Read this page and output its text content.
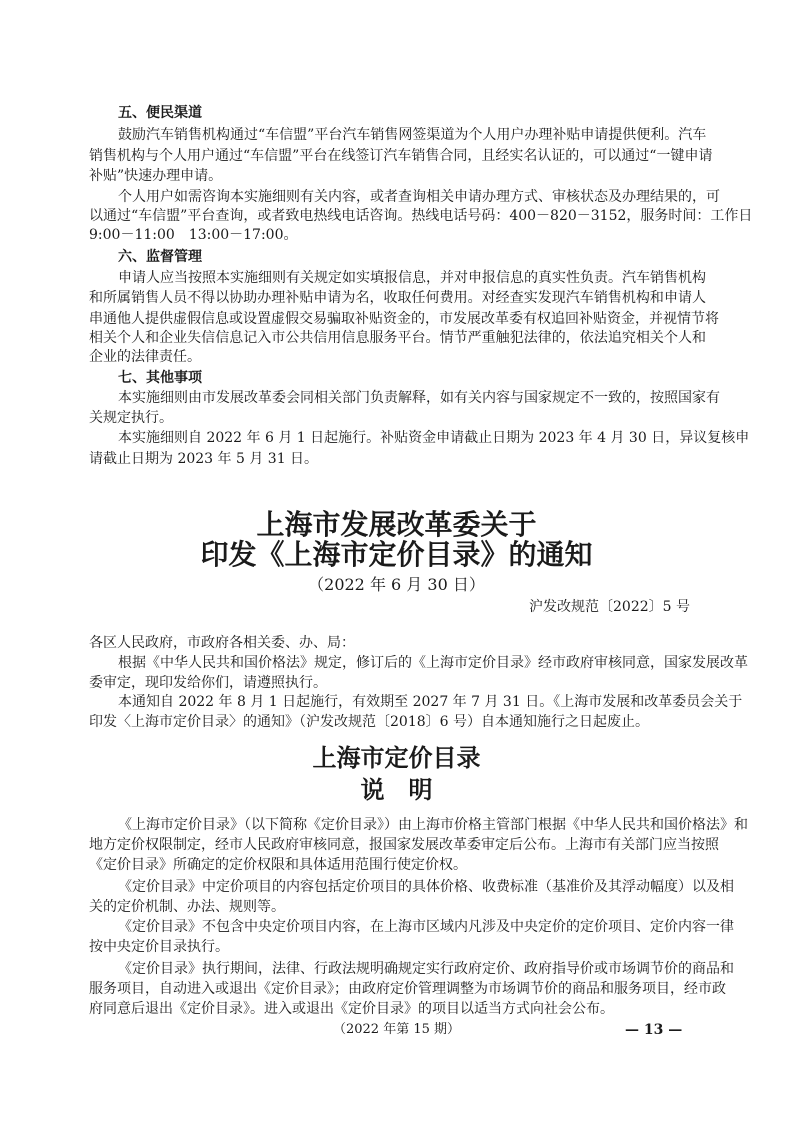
上海市发展改革委关于
印发《上海市定价目录》的通知
（2022 年 6 月 30 日）
沪发改规范〔2022〕5 号
各区人民政府，市政府各相关委、办、局：
上海市定价目录
说　明
（2022 年第 15 期）	— 13 —
五、便民渠道
鼓励汽车销售机构通过“车信盟”平台汽车销售网签渠道为个人用户办理补贴申请提供便利。汽车
销售机构与个人用户通过“车信盟”平台在线签订汽车销售合同，且经实名认证的，可以通过“一键申请
补贴”快速办理申请。
个人用户如需咨询本实施细则有关内容，或者查询相关申请办理方式、审核状态及办理结果的，可
以通过“车信盟”平台查询，或者致电热线电话咨询。热线电话号码：400－820－3152，服务时间：工作日
9:00－11:00　13:00－17:00。
六、监督管理
申请人应当按照本实施细则有关规定如实填报信息，并对申报信息的真实性负责。汽车销售机构
和所属销售人员不得以协助办理补贴申请为名，收取任何费用。对经查实发现汽车销售机构和申请人
串通他人提供虚假信息或设置虚假交易骗取补贴资金的，市发展改革委有权追回补贴资金，并视情节将
相关个人和企业失信信息记入市公共信用信息服务平台。情节严重触犯法律的，依法追究相关个人和
企业的法律责任。
七、其他事项
本实施细则由市发展改革委会同相关部门负责解释，如有关内容与国家规定不一致的，按照国家有
关规定执行。
本实施细则自 2022 年 6 月 1 日起施行。补贴资金申请截止日期为 2023 年 4 月 30 日，异议复核申
请截止日期为 2023 年 5 月 31 日。
根据《中华人民共和国价格法》规定，修订后的《上海市定价目录》经市政府审核同意，国家发展改革
委审定，现印发给你们，请遵照执行。
本通知自 2022 年 8 月 1 日起施行，有效期至 2027 年 7 月 31 日。《上海市发展和改革委员会关于
印发〈上海市定价目录〉的通知》（沪发改规范〔2018〕6 号）自本通知施行之日起废止。
《上海市定价目录》（以下简称《定价目录》）由上海市价格主管部门根据《中华人民共和国价格法》和
地方定价权限制定，经市人民政府审核同意，报国家发展改革委审定后公布。上海市有关部门应当按照
《定价目录》所确定的定价权限和具体适用范围行使定价权。
《定价目录》中定价项目的内容包括定价项目的具体价格、收费标准（基准价及其浮动幅度）以及相
关的定价机制、办法、规则等。
《定价目录》不包含中央定价项目内容，在上海市区域内凡涉及中央定价的定价项目、定价内容一律
按中央定价目录执行。
《定价目录》执行期间，法律、行政法规明确规定实行政府定价、政府指导价或市场调节价的商品和
服务项目，自动进入或退出《定价目录》；由政府定价管理调整为市场调节价的商品和服务项目，经市政
府同意后退出《定价目录》。进入或退出《定价目录》的项目以适当方式向社会公布。
